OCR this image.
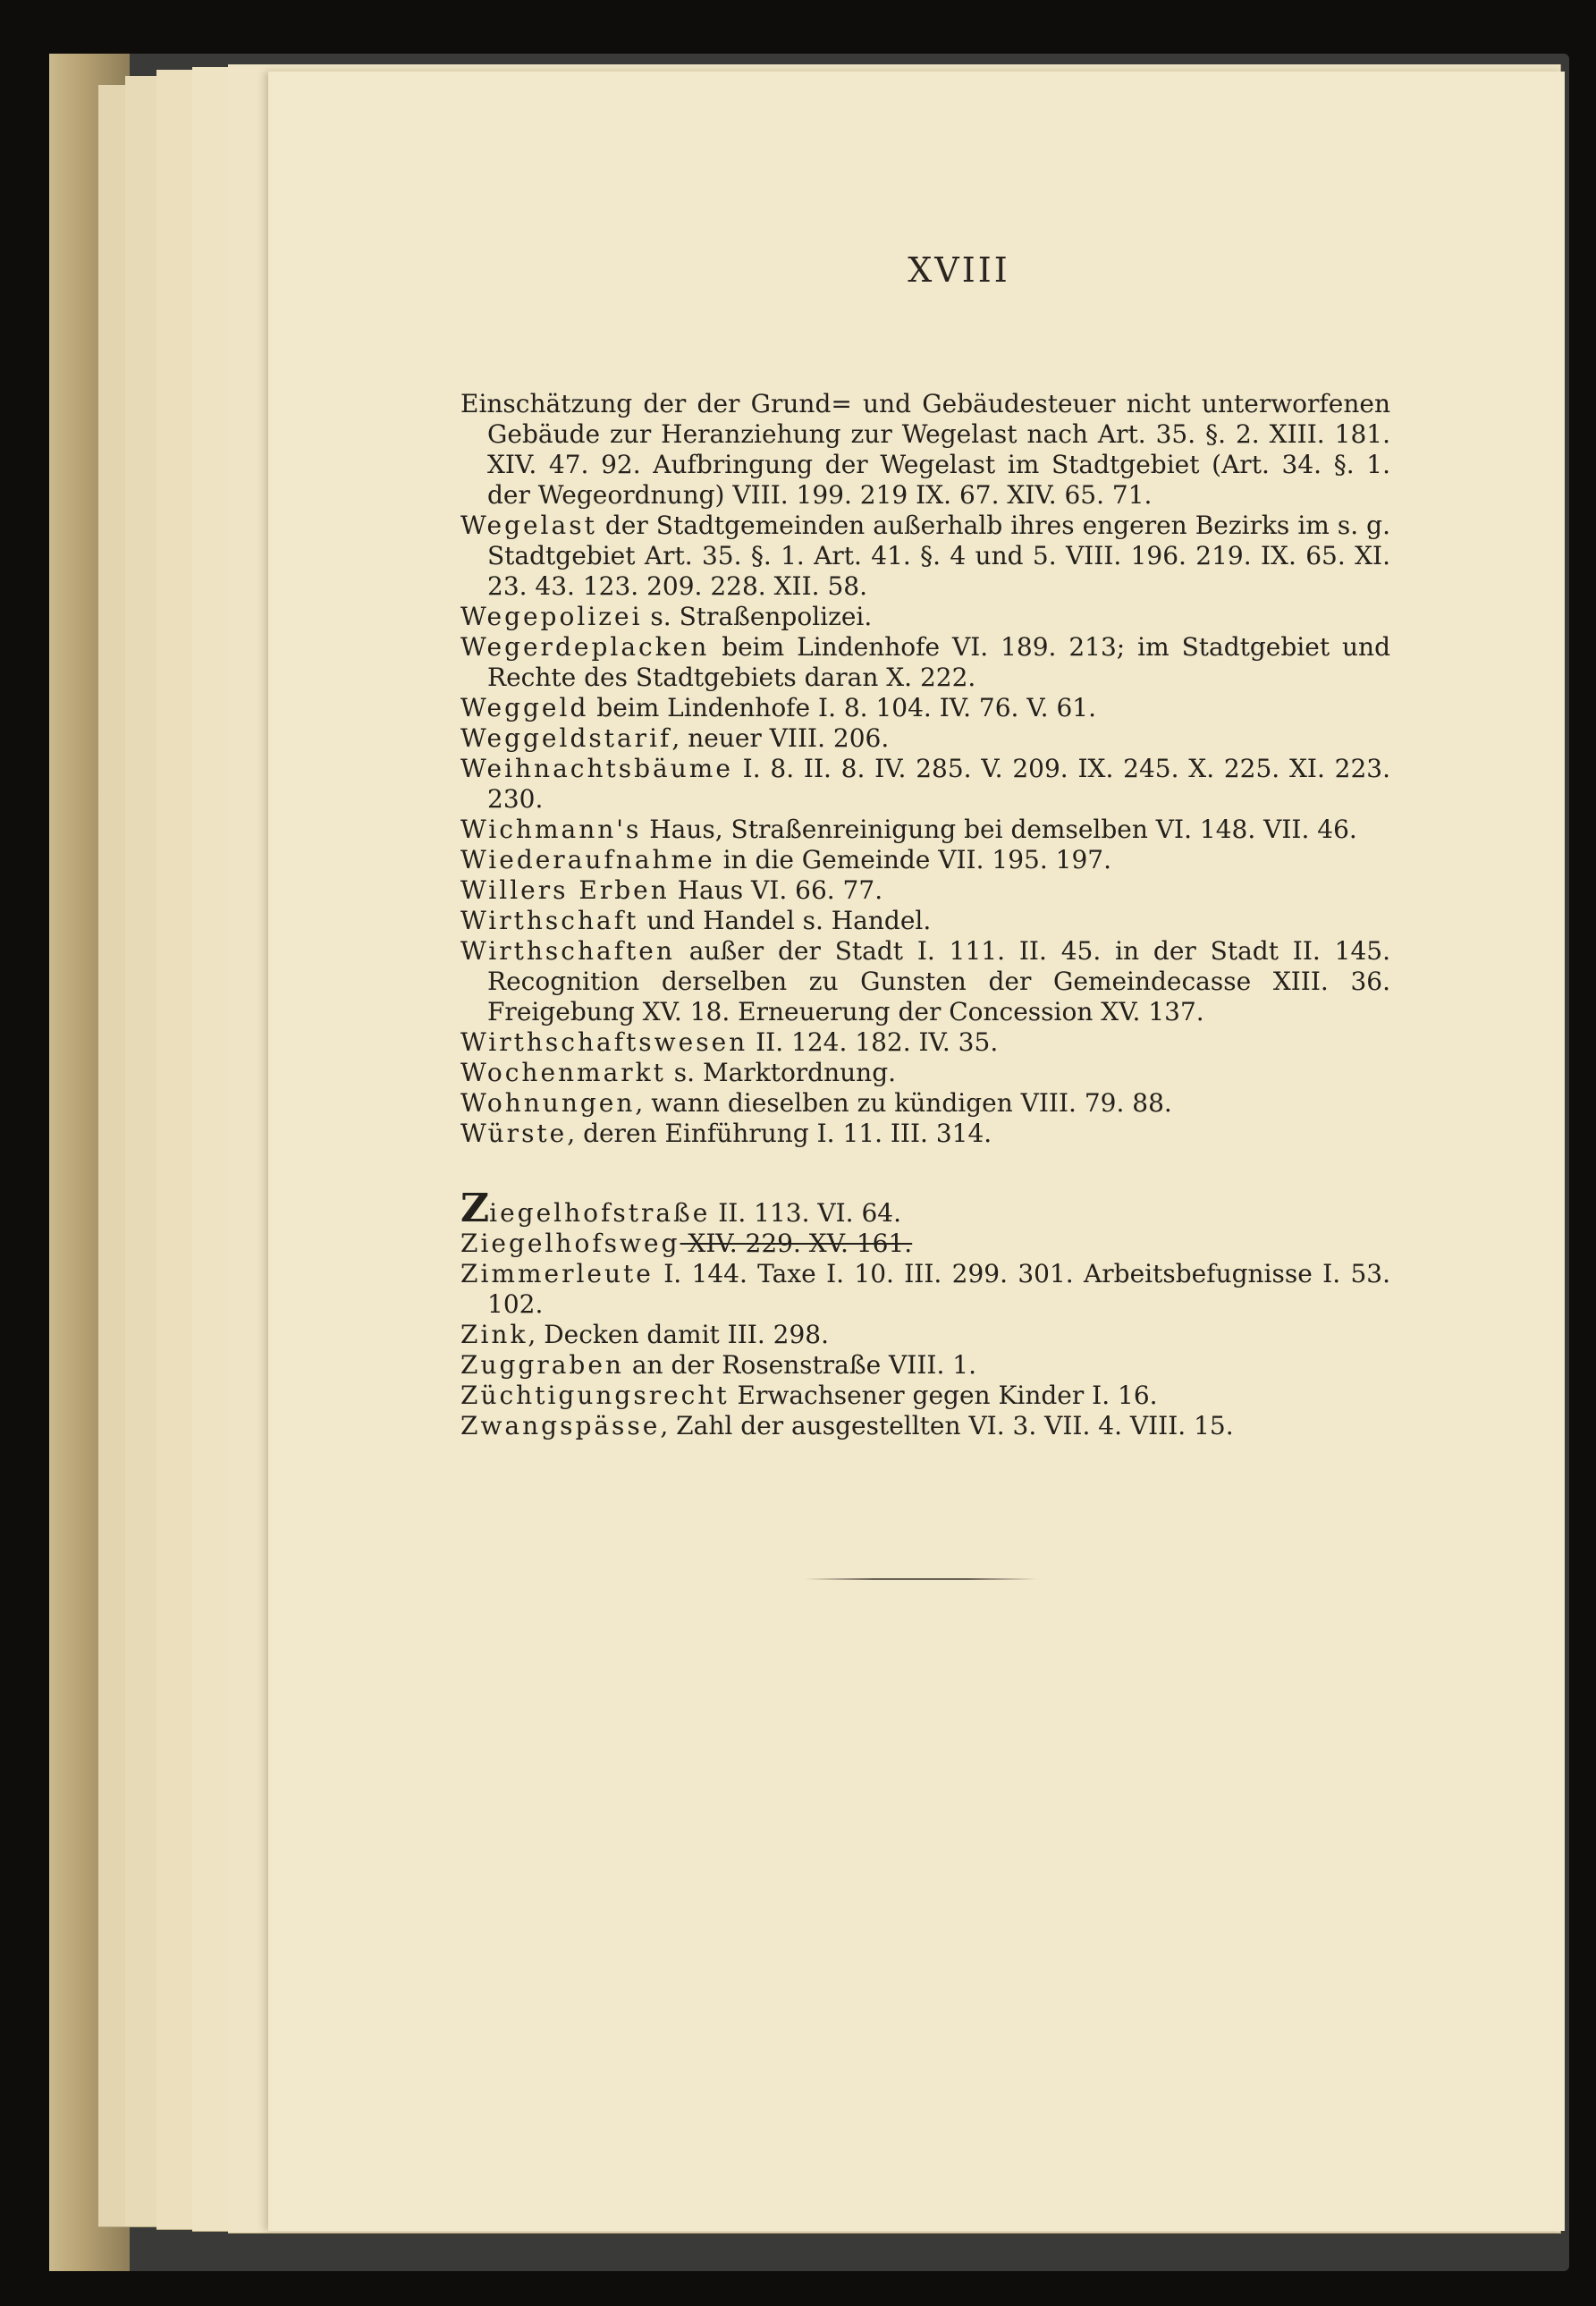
XVIII

Einschätzung der der Grund= und Gebäudesteuer nicht unterworfenen Gebäude zur Heranziehung zur Wegelast nach Art. 35. §. 2. XIII. 181. XIV. 47. 92. Aufbringung der Wegelast im Stadtgebiet (Art. 34. §. 1. der Wegeordnung) VIII. 199. 219 IX. 67. XIV. 65. 71.

Wegelast der Stadtgemeinden außerhalb ihres engeren Bezirks im s. g. Stadtgebiet Art. 35. §. 1. Art. 41. §. 4 und 5. VIII. 196. 219. IX. 65. XI. 23. 43. 123. 209. 228. XII. 58.

Wegepolizei s. Straßenpolizei.

Wegerdeplacken beim Lindenhofe VI. 189. 213; im Stadtgebiet und Rechte des Stadtgebiets daran X. 222.

Weggeld beim Lindenhofe I. 8. 104. IV. 76. V. 61.

Weggeldstarif, neuer VIII. 206.

Weihnachtsbäume I. 8. II. 8. IV. 285. V. 209. IX. 245. X. 225. XI. 223. 230.

Wichmann's Haus, Straßenreinigung bei demselben VI. 148. VII. 46.

Wiederaufnahme in die Gemeinde VII. 195. 197.

Willers Erben Haus VI. 66. 77.

Wirthschaft und Handel s. Handel.

Wirthschaften außer der Stadt I. 111. II. 45. in der Stadt II. 145. Recognition derselben zu Gunsten der Gemeindecasse XIII. 36. Freigebung XV. 18. Erneuerung der Concession XV. 137.

Wirthschaftswesen II. 124. 182. IV. 35.

Wochenmarkt s. Marktordnung.

Wohnungen, wann dieselben zu kündigen VIII. 79. 88.

Würste, deren Einführung I. 11. III. 314.

Ziegelhofstraße II. 113. VI. 64.

Ziegelhofsweg XIV. 229. XV. 161.

Zimmerleute I. 144. Taxe I. 10. III. 299. 301. Arbeitsbefugnisse I. 53. 102.

Zink, Decken damit III. 298.

Zuggraben an der Rosenstraße VIII. 1.

Züchtigungsrecht Erwachsener gegen Kinder I. 16.

Zwangspässe, Zahl der ausgestellten VI. 3. VII. 4. VIII. 15.
